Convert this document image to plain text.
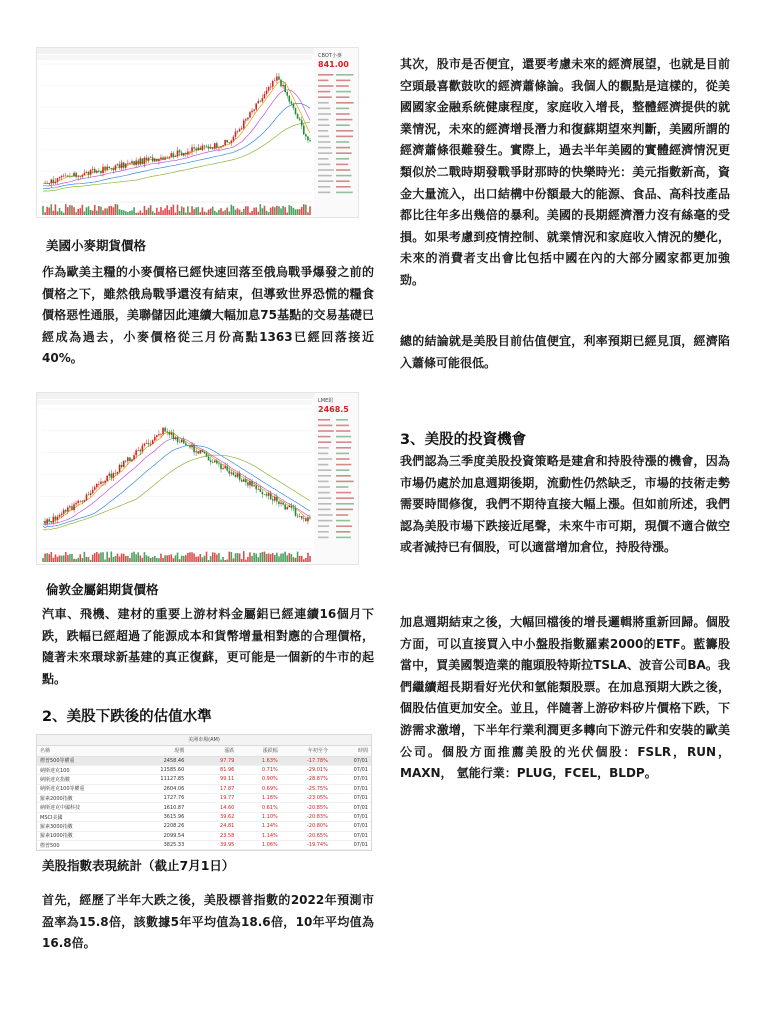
CBOT小麥
841.00
美國小麥期貨價格
作為歐美主糧的小麥價格已經快速回落至俄烏戰爭爆發之前的價格之下，雖然俄烏戰爭還沒有結束，但導致世界恐慌的糧食價格惡性通脹，美聯儲因此連續大幅加息75基點的交易基礎已經成為過去，小麥價格從三月份高點1363已經回落接近40%。
LME鋁
2468.5
倫敦金屬鋁期貨價格
汽車、飛機、建材的重要上游材料金屬鋁已經連續16個月下跌，跌幅已經超過了能源成本和貨幣增量相對應的合理價格，隨著未來環球新基建的真正復蘇，更可能是一個新的牛市的起點。
2、美股下跌後的估值水準
美洲市場(AM)
名稱	現價	漲跌	漲跌幅	年初至今	時間
標普500等權重	2458.46	97.79	1.63%	-17.78%	07/01
納斯達克100	11585.60	81.96	0.71%	-29.01%	07/01
納斯達克指數	11127.85	99.11	0.90%	-28.87%	07/01
納斯達克100等權重	2604.06	17.87	0.69%	-25.75%	07/01
羅素2000指數	1727.76	19.77	1.16%	-23.05%	07/01
納斯達克中國科技	1610.87	14.60	0.61%	-20.85%	07/01
MSCI美國	3615.96	39.62	1.10%	-20.83%	07/01
羅素3000指數	2208.26	24.81	1.14%	-20.80%	07/01
羅素1000指數	2099.54	23.58	1.14%	-20.65%	07/01
標普500	3825.33	39.95	1.06%	-19.74%	07/01
美股指數表現統計（截止7月1日）
首先，經歷了半年大跌之後，美股標普指數的2022年預測市盈率為15.8倍，該數據5年平均值為18.6倍，10年平均值為16.8倍。
其次，股市是否便宜，還要考慮未來的經濟展望，也就是目前空頭最喜歡鼓吹的經濟蕭條論。我個人的觀點是這樣的，從美國國家金融系統健康程度，家庭收入增長，整體經濟提供的就業情況，未來的經濟增長潛力和復蘇期望來判斷，美國所謂的經濟蕭條很難發生。實際上，過去半年美國的實體經濟情況更類似於二戰時期發戰爭財那時的快樂時光：美元指數新高，資金大量流入，出口結構中份額最大的能源、食品、高科技產品都比往年多出幾倍的暴利。美國的長期經濟潛力沒有絲毫的受損。如果考慮到疫情控制、就業情況和家庭收入情況的變化，未來的消費者支出會比包括中國在內的大部分國家都更加強勁。
總的結論就是美股目前估值便宜，利率預期已經見頂，經濟陷入蕭條可能很低。
3、美股的投資機會
我們認為三季度美股投資策略是建倉和持股待漲的機會，因為市場仍處於加息週期後期，流動性仍然缺乏，市場的技術走勢需要時間修復，我們不期待直接大幅上漲。但如前所述，我們認為美股市場下跌接近尾聲，未來牛市可期，現價不適合做空或者減持已有個股，可以適當增加倉位，持股待漲。
加息週期結束之後，大幅回檔後的增長邏輯將重新回歸。個股方面，可以直接買入中小盤股指數羅素2000的ETF。藍籌股當中，買美國製造業的龍頭股特斯拉TSLA、波音公司BA。我們繼續超長期看好光伏和氫能類股票。在加息預期大跌之後，個股估值更加安全。並且，伴隨著上游矽料矽片價格下跌，下游需求激增，下半年行業利潤更多轉向下游元件和安裝的歐美公司。個股方面推薦美股的光伏個股：FSLR，RUN，MAXN， 氫能行業：PLUG，FCEL，BLDP。
